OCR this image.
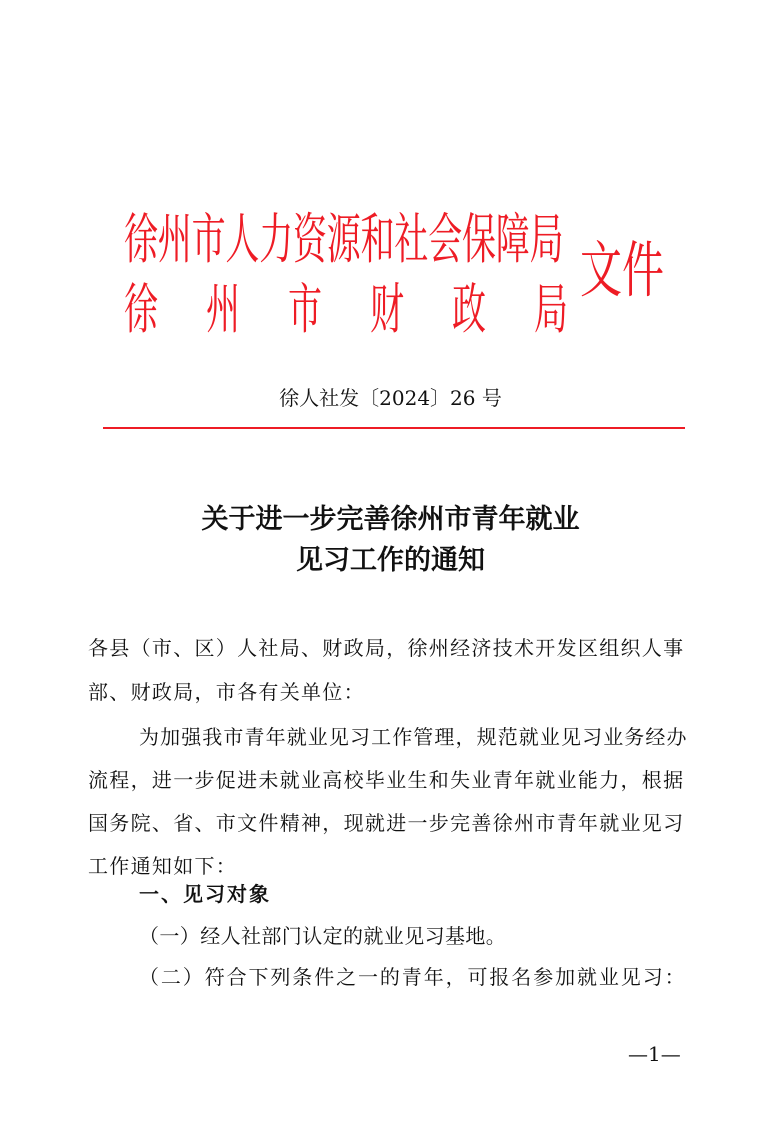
徐州市人力资源和社会保障局
徐州市财政局
文件
徐人社发〔2024〕26 号
关于进一步完善徐州市青年就业
见习工作的通知
各县（市、区）人社局、财政局，徐州经济技术开发区组织人事
部、财政局，市各有关单位：
为加强我市青年就业见习工作管理，规范就业见习业务经办
流程，进一步促进未就业高校毕业生和失业青年就业能力，根据
国务院、省、市文件精神，现就进一步完善徐州市青年就业见习
工作通知如下：
一、见习对象
（一）经人社部门认定的就业见习基地。
（二）符合下列条件之一的青年，可报名参加就业见习：
—1—
